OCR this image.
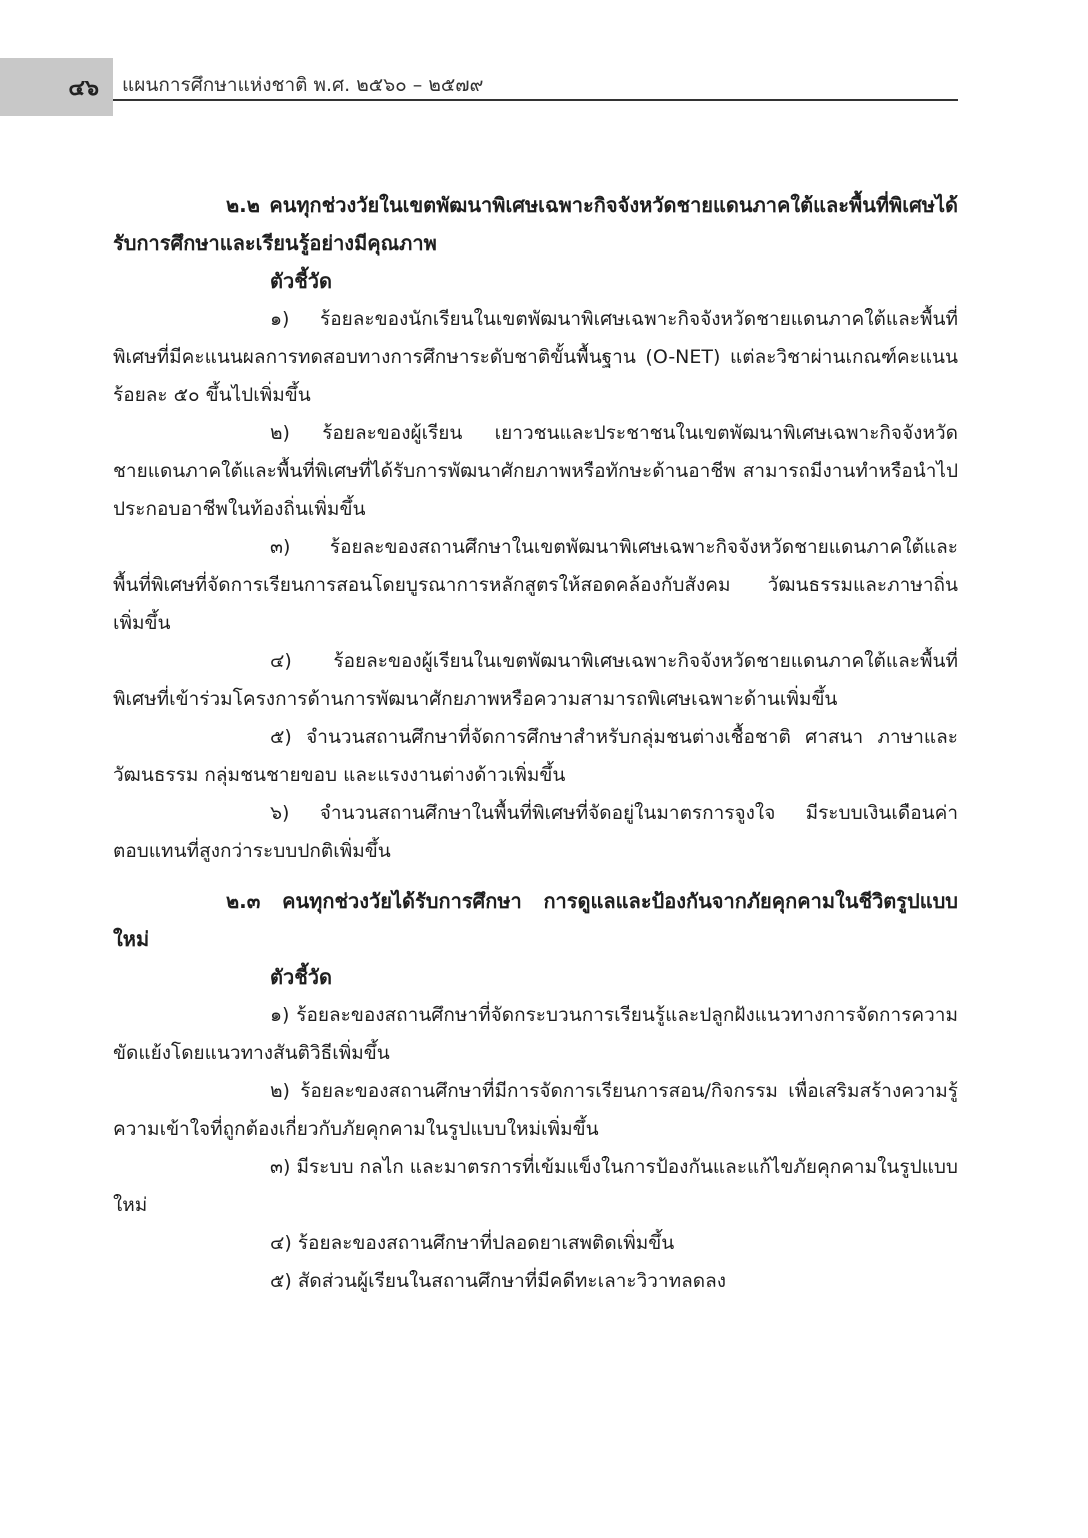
๔๖ แผนการศึกษาแห่งชาติ พ.ศ. ๒๕๖๐ – ๒๕๗๙

๒.๒ คนทุกช่วงวัยในเขตพัฒนาพิเศษเฉพาะกิจจังหวัดชายแดนภาคใต้และพื้นที่พิเศษได้รับการศึกษาและเรียนรู้อย่างมีคุณภาพ

ตัวชี้วัด

๑) ร้อยละของนักเรียนในเขตพัฒนาพิเศษเฉพาะกิจจังหวัดชายแดนภาคใต้และพื้นที่พิเศษที่มีคะแนนผลการทดสอบทางการศึกษาระดับชาติขั้นพื้นฐาน (O-NET) แต่ละวิชาผ่านเกณฑ์คะแนนร้อยละ ๕๐ ขึ้นไปเพิ่มขึ้น

๒) ร้อยละของผู้เรียน เยาวชนและประชาชนในเขตพัฒนาพิเศษเฉพาะกิจจังหวัดชายแดนภาคใต้และพื้นที่พิเศษที่ได้รับการพัฒนาศักยภาพหรือทักษะด้านอาชีพ สามารถมีงานทำหรือนำไปประกอบอาชีพในท้องถิ่นเพิ่มขึ้น

๓) ร้อยละของสถานศึกษาในเขตพัฒนาพิเศษเฉพาะกิจจังหวัดชายแดนภาคใต้และพื้นที่พิเศษที่จัดการเรียนการสอนโดยบูรณาการหลักสูตรให้สอดคล้องกับสังคม วัฒนธรรมและภาษาถิ่นเพิ่มขึ้น

๔) ร้อยละของผู้เรียนในเขตพัฒนาพิเศษเฉพาะกิจจังหวัดชายแดนภาคใต้และพื้นที่พิเศษที่เข้าร่วมโครงการด้านการพัฒนาศักยภาพหรือความสามารถพิเศษเฉพาะด้านเพิ่มขึ้น

๕) จำนวนสถานศึกษาที่จัดการศึกษาสำหรับกลุ่มชนต่างเชื้อชาติ ศาสนา ภาษาและวัฒนธรรม กลุ่มชนชายขอบ และแรงงานต่างด้าวเพิ่มขึ้น

๖) จำนวนสถานศึกษาในพื้นที่พิเศษที่จัดอยู่ในมาตรการจูงใจ มีระบบเงินเดือนค่าตอบแทนที่สูงกว่าระบบปกติเพิ่มขึ้น

๒.๓ คนทุกช่วงวัยได้รับการศึกษา การดูแลและป้องกันจากภัยคุกคามในชีวิตรูปแบบใหม่

ตัวชี้วัด

๑) ร้อยละของสถานศึกษาที่จัดกระบวนการเรียนรู้และปลูกฝังแนวทางการจัดการความขัดแย้งโดยแนวทางสันติวิธีเพิ่มขึ้น

๒) ร้อยละของสถานศึกษาที่มีการจัดการเรียนการสอน/กิจกรรม เพื่อเสริมสร้างความรู้ ความเข้าใจที่ถูกต้องเกี่ยวกับภัยคุกคามในรูปแบบใหม่เพิ่มขึ้น

๓) มีระบบ กลไก และมาตรการที่เข้มแข็งในการป้องกันและแก้ไขภัยคุกคามในรูปแบบใหม่

๔) ร้อยละของสถานศึกษาที่ปลอดยาเสพติดเพิ่มขึ้น

๕) สัดส่วนผู้เรียนในสถานศึกษาที่มีคดีทะเลาะวิวาทลดลง
